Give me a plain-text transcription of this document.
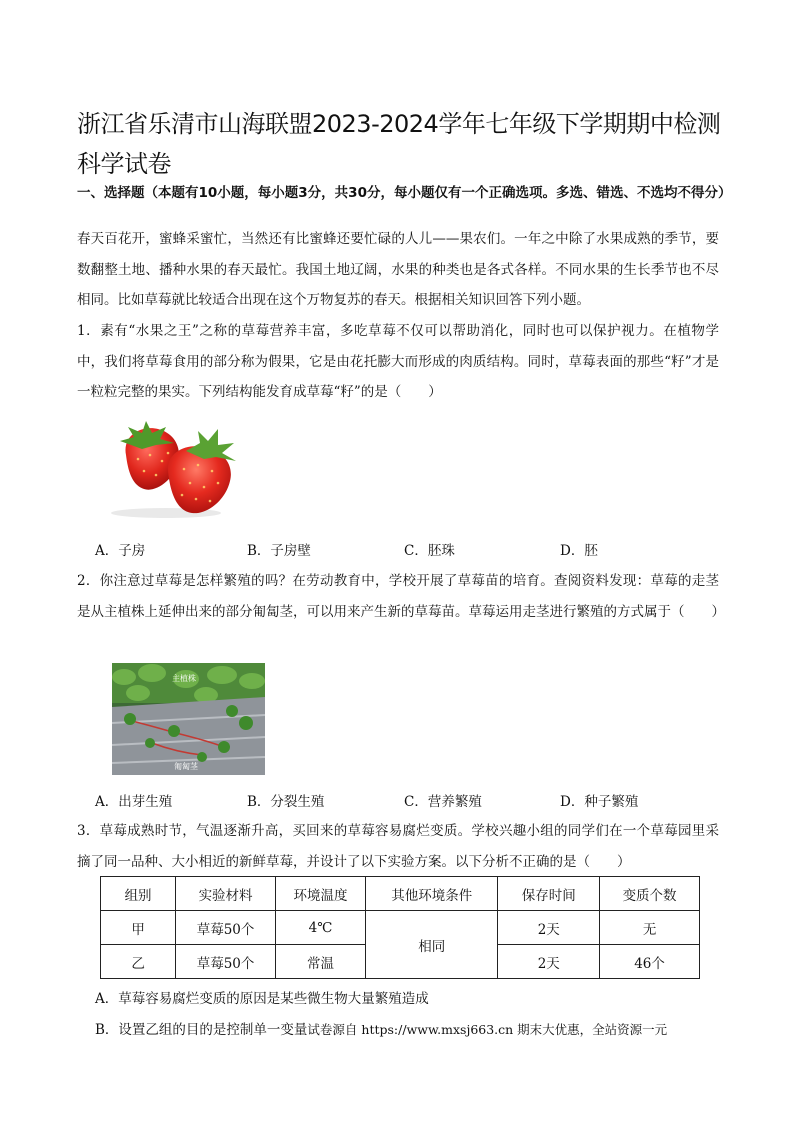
浙江省乐清市山海联盟2023-2024学年七年级下学期期中检测科学试卷
一、选择题（本题有10小题，每小题3分，共30分，每小题仅有一个正确选项。多选、错选、不选均不得分）
春天百花开，蜜蜂采蜜忙，当然还有比蜜蜂还要忙碌的人儿——果农们。一年之中除了水果成熟的季节，要数翻整土地、播种水果的春天最忙。我国土地辽阔，水果的种类也是各式各样。不同水果的生长季节也不尽相同。比如草莓就比较适合出现在这个万物复苏的春天。根据相关知识回答下列小题。
1．素有“水果之王”之称的草莓营养丰富，多吃草莓不仅可以帮助消化，同时也可以保护视力。在植物学中，我们将草莓食用的部分称为假果，它是由花托膨大而形成的肉质结构。同时，草莓表面的那些“籽”才是一粒粒完整的果实。下列结构能发育成草莓“籽”的是（　　）
A．子房	B．子房壁	C．胚珠	D．胚
2．你注意过草莓是怎样繁殖的吗？在劳动教育中，学校开展了草莓苗的培育。查阅资料发现：草莓的走茎是从主植株上延伸出来的部分匍匐茎，可以用来产生新的草莓苗。草莓运用走茎进行繁殖的方式属于（　　）
主植株
匍匐茎
A．出芽生殖	B．分裂生殖	C．营养繁殖	D．种子繁殖
3．草莓成熟时节，气温逐渐升高，买回来的草莓容易腐烂变质。学校兴趣小组的同学们在一个草莓园里采摘了同一品种、大小相近的新鲜草莓，并设计了以下实验方案。以下分析不正确的是（　　）
组别	实验材料	环境温度	其他环境条件	保存时间	变质个数
甲	草莓50个	4℃	相同	2天	无
乙	草莓50个	常温		2天	46个
A．草莓容易腐烂变质的原因是某些微生物大量繁殖造成
B．设置乙组的目的是控制单一变量试卷源自 https://www.mxsj663.cn 期末大优惠，全站资源一元
